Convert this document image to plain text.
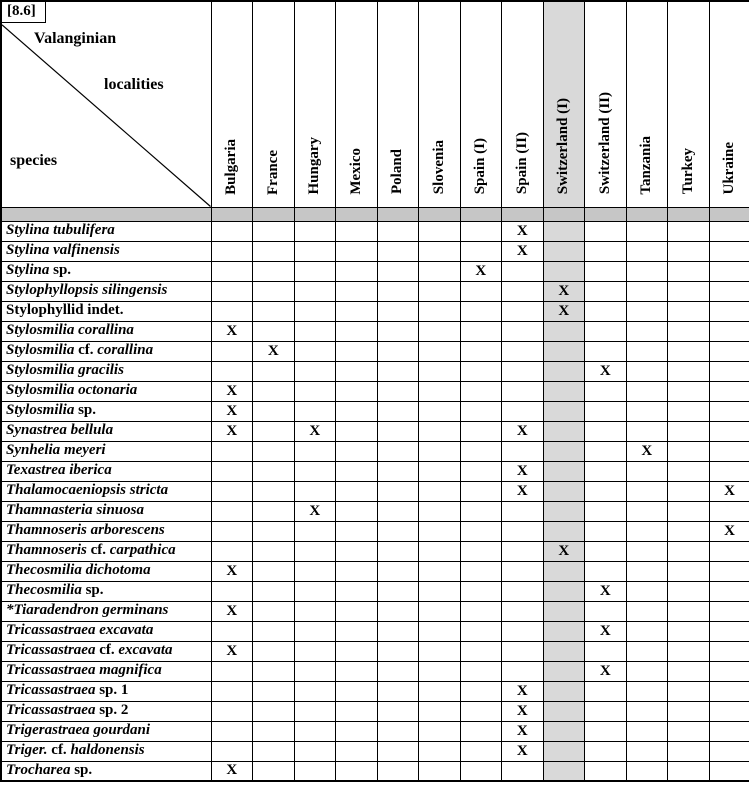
[8.6]
Valanginian
localities
species	Bulgaria	France	Hungary	Mexico	Poland	Slovenia	Spain (I)	Spain (II)	Switzerland (I)	Switzerland (II)	Tanzania	Turkey	Ukraine

Stylina tubulifera								X					
Stylina valfinensis								X					
Stylina sp.							X						
Stylophyllopsis silingensis									X				
Stylophyllid indet.									X				
Stylosmilia corallina	X												
Stylosmilia cf. corallina		X											
Stylosmilia gracilis										X			
Stylosmilia octonaria	X												
Stylosmilia sp.	X												
Synastrea bellula	X		X					X					
Synhelia meyeri											X		
Texastrea iberica								X					
Thalamocaeniopsis stricta								X					X
Thamnasteria sinuosa			X										
Thamnoseris arborescens													X
Thamnoseris cf. carpathica									X				
Thecosmilia dichotoma	X												
Thecosmilia sp.										X			
*Tiaradendron germinans	X												
Tricassastraea excavata										X			
Tricassastraea cf. excavata	X												
Tricassastraea magnifica										X			
Tricassastraea sp. 1								X					
Tricassastraea sp. 2								X					
Trigerastraea gourdani								X					
Triger. cf. haldonensis								X					
Trocharea sp.	X												
